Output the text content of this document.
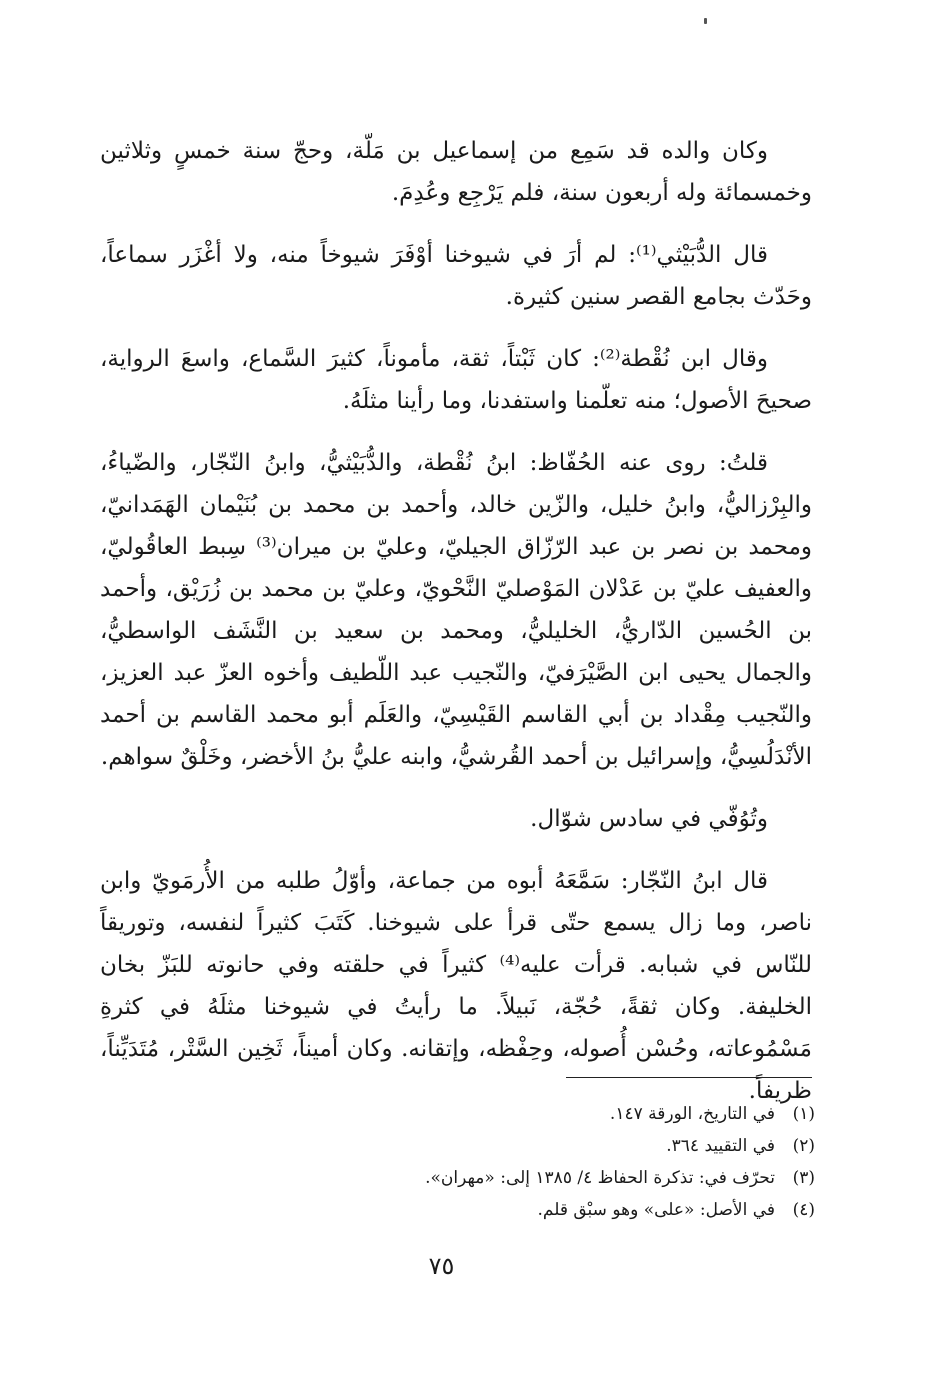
وكان والده قد سَمِع من إسماعيل بن مَلّة، وحجّ سنة خمسٍ وثلاثين وخمسمائة وله أربعون سنة، فلم يَرْجِع وعُدِمَ.

قال الدُّبَيْثي⁽¹⁾: لم أرَ في شيوخنا أوْفَرَ شيوخاً منه، ولا أغْزَر سماعاً، وحَدّث بجامع القصر سنين كثيرة.

وقال ابن نُقْطة⁽²⁾: كان ثَبْتاً، ثقة، مأموناً، كثيرَ السَّماع، واسعَ الرواية، صحيحَ الأصول؛ منه تعلّمنا واستفدنا، وما رأينا مثلَهُ.

قلتُ: روى عنه الحُفّاظ: ابنُ نُقْطة، والدُّبَيْثيُّ، وابنُ النّجّار، والضّياءُ، والبِرْزاليُّ، وابنُ خليل، والزّين خالد، وأحمد بن محمد بن بُنَيْمان الهَمَدانيّ، ومحمد بن نصر بن عبد الرّزّاق الجيليّ، وعليّ بن ميران⁽³⁾ سِبط العاقُوليّ، والعفيف عليّ بن عَدْلان المَوْصليّ النَّحْويّ، وعليّ بن محمد بن زُرَيْق، وأحمد بن الحُسين الدّاريُّ، الخليليُّ، ومحمد بن سعيد بن النَّشَف الواسطيُّ، والجمال يحيى ابن الصَّيْرَفيّ، والنّجيب عبد اللّطيف وأخوه العزّ عبد العزيز، والنّجيب مِقْداد بن أبي القاسم القَيْسِيّ، والعَلَم أبو محمد القاسم بن أحمد الأنْدَلُسِيُّ، وإسرائيل بن أحمد القُرشيُّ، وابنه عليُّ بنُ الأخضر، وخَلْقٌ سواهم.

وتُوُفّي في سادس شوّال.

قال ابنُ النّجّار: سَمَّعَهُ أبوه من جماعة، وأوّلُ طلبه من الأُرمَويّ وابن ناصر، وما زال يسمع حتّى قرأ على شيوخنا. كَتَبَ كثيراً لنفسه، وتوريقاً للنّاس في شبابه. قرأت عليه⁽⁴⁾ كثيراً في حلقته وفي حانوته للبَزّ بخان الخليفة. وكان ثقةً، حُجّة، نَبيلاً. ما رأيتُ في شيوخنا مثلَهُ في كثرةِ مَسْمُوعاته، وحُسْن أُصوله، وحِفْظه، وإتقانه. وكان أميناً، ثَخِين السَّتْر، مُتَدَيِّناً، ظريفاً.

(١)
في التاريخ، الورقة ١٤٧.
(٢)
في التقييد ٣٦٤.
(٣)
تحرّف في: تذكرة الحفاظ ٤/ ١٣٨٥ إلى: «مهران».
(٤)
في الأصل: «على» وهو سبْق قلم.
٧٥
